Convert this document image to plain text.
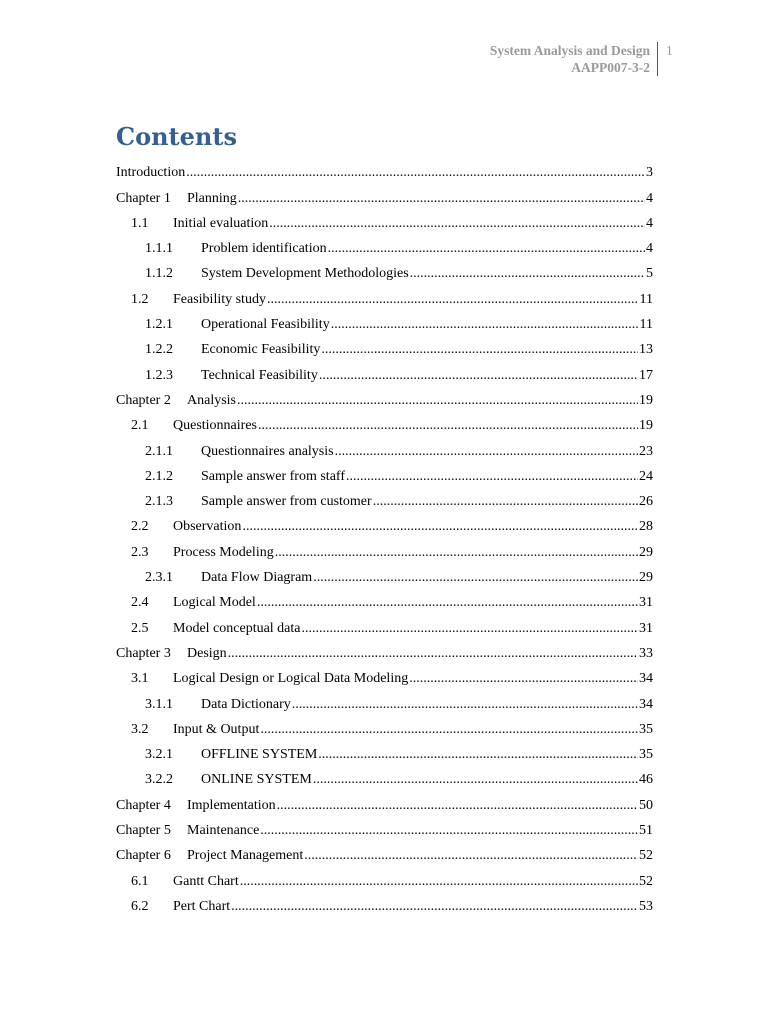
System Analysis and Design
AAPP007-3-2
1
Contents
Introduction .....	3
Chapter 1	Planning .....	4
1.1	Initial evaluation .....	4
1.1.1	Problem identification .....	4
1.1.2	System Development Methodologies .....	5
1.2	Feasibility study .....	11
1.2.1	Operational Feasibility .....	11
1.2.2	Economic Feasibility .....	13
1.2.3	Technical Feasibility .....	17
Chapter 2	Analysis .....	19
2.1	Questionnaires .....	19
2.1.1	Questionnaires analysis .....	23
2.1.2	Sample answer from staff .....	24
2.1.3	Sample answer from customer .....	26
2.2	Observation .....	28
2.3	Process Modeling .....	29
2.3.1	Data Flow Diagram .....	29
2.4	Logical Model .....	31
2.5	Model conceptual data .....	31
Chapter 3	Design .....	33
3.1	Logical Design or Logical Data Modeling .....	34
3.1.1	Data Dictionary .....	34
3.2	Input & Output .....	35
3.2.1	OFFLINE SYSTEM .....	35
3.2.2	ONLINE SYSTEM .....	46
Chapter 4	Implementation .....	50
Chapter 5	Maintenance .....	51
Chapter 6	Project Management .....	52
6.1	Gantt Chart .....	52
6.2	Pert Chart .....	53
